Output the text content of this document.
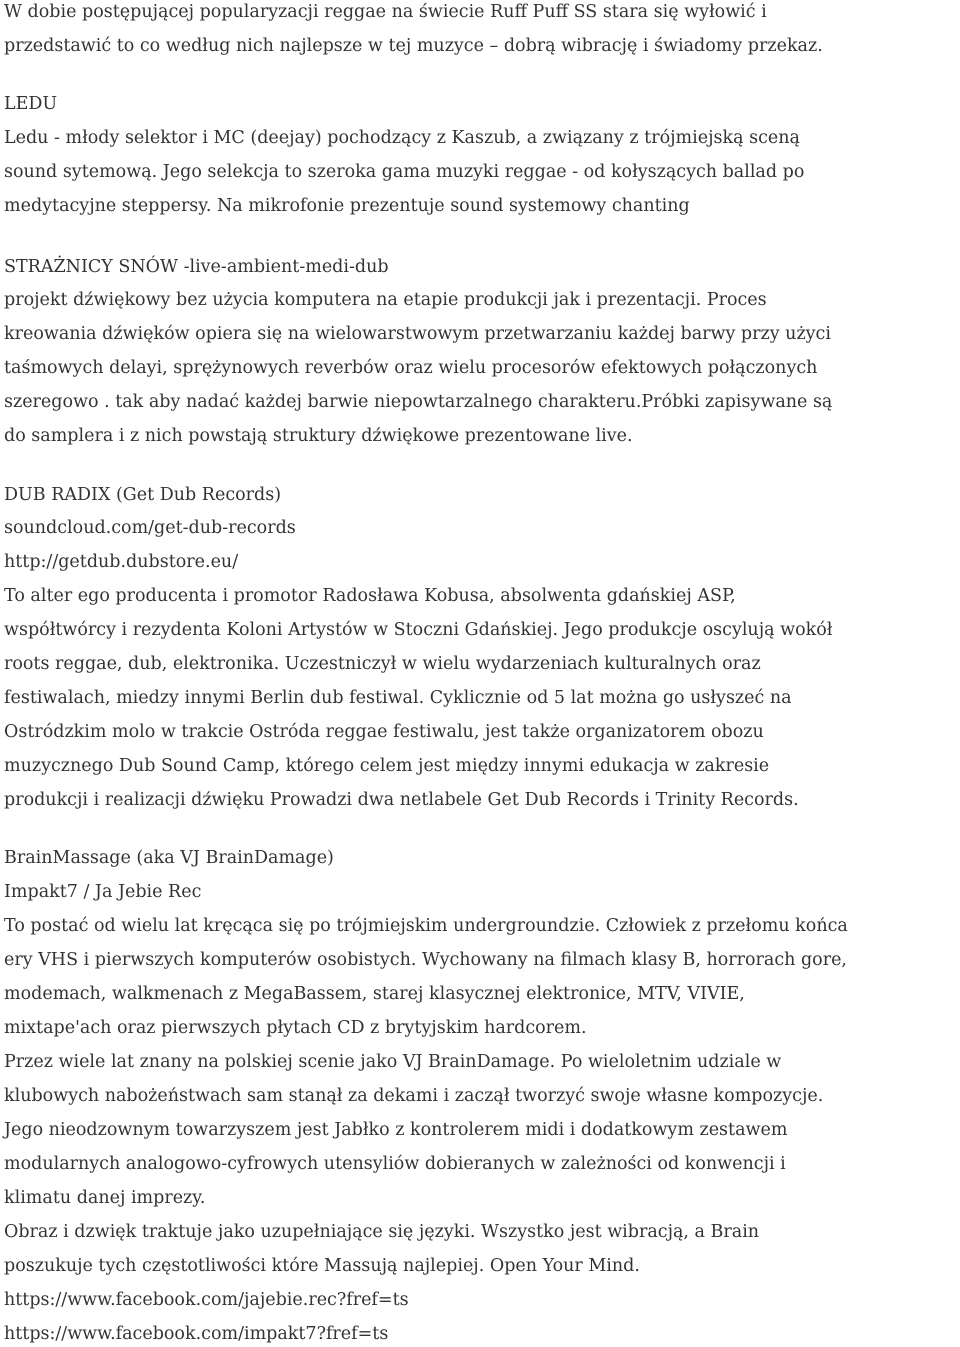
W dobie postępującej popularyzacji reggae na świecie Ruff Puff SS stara się wyłowić i
przedstawić to co według nich najlepsze w tej muzyce – dobrą wibrację i świadomy przekaz.
LEDU
Ledu - młody selektor i MC (deejay) pochodzący z Kaszub, a związany z trójmiejską sceną
sound sytemową. Jego selekcja to szeroka gama muzyki reggae - od kołyszących ballad po
medytacyjne steppersy. Na mikrofonie prezentuje sound systemowy chanting
STRAŻNICY SNÓW -live-ambient-medi-dub
projekt dźwiękowy bez użycia komputera na etapie produkcji jak i prezentacji. Proces
kreowania dźwięków opiera się na wielowarstwowym przetwarzaniu każdej barwy przy użyci
taśmowych delayi, sprężynowych reverbów oraz wielu procesorów efektowych połączonych
szeregowo . tak aby nadać każdej barwie niepowtarzalnego charakteru.Próbki zapisywane są
do samplera i z nich powstają struktury dźwiękowe prezentowane live.
DUB RADIX (Get Dub Records)
soundcloud.com/get-dub-records
http://getdub.dubstore.eu/
To alter ego producenta i promotor Radosława Kobusa, absolwenta gdańskiej ASP,
współtwórcy i rezydenta Koloni Artystów w Stoczni Gdańskiej. Jego produkcje oscylują wokół
roots reggae, dub, elektronika. Uczestniczył w wielu wydarzeniach kulturalnych oraz
festiwalach, miedzy innymi Berlin dub festiwal. Cyklicznie od 5 lat można go usłyszeć na
Ostródzkim molo w trakcie Ostróda reggae festiwalu, jest także organizatorem obozu
muzycznego Dub Sound Camp, którego celem jest między innymi edukacja w zakresie
produkcji i realizacji dźwięku Prowadzi dwa netlabele Get Dub Records i Trinity Records.
BrainMassage (aka VJ BrainDamage)
Impakt7 / Ja Jebie Rec
To postać od wielu lat kręcąca się po trójmiejskim undergroundzie. Człowiek z przełomu końca
ery VHS i pierwszych komputerów osobistych. Wychowany na filmach klasy B, horrorach gore,
modemach, walkmenach z MegaBassem, starej klasycznej elektronice, MTV, VIVIE,
mixtape'ach oraz pierwszych płytach CD z brytyjskim hardcorem.
Przez wiele lat znany na polskiej scenie jako VJ BrainDamage. Po wieloletnim udziale w
klubowych nabożeństwach sam stanął za dekami i zaczął tworzyć swoje własne kompozycje.
Jego nieodzownym towarzyszem jest Jabłko z kontrolerem midi i dodatkowym zestawem
modularnych analogowo-cyfrowych utensyliów dobieranych w zależności od konwencji i
klimatu danej imprezy.
Obraz i dzwięk traktuje jako uzupełniające się języki. Wszystko jest wibracją, a Brain
poszukuje tych częstotliwości które Massują najlepiej. Open Your Mind.
https://www.facebook.com/jajebie.rec?fref=ts
https://www.facebook.com/impakt7?fref=ts
